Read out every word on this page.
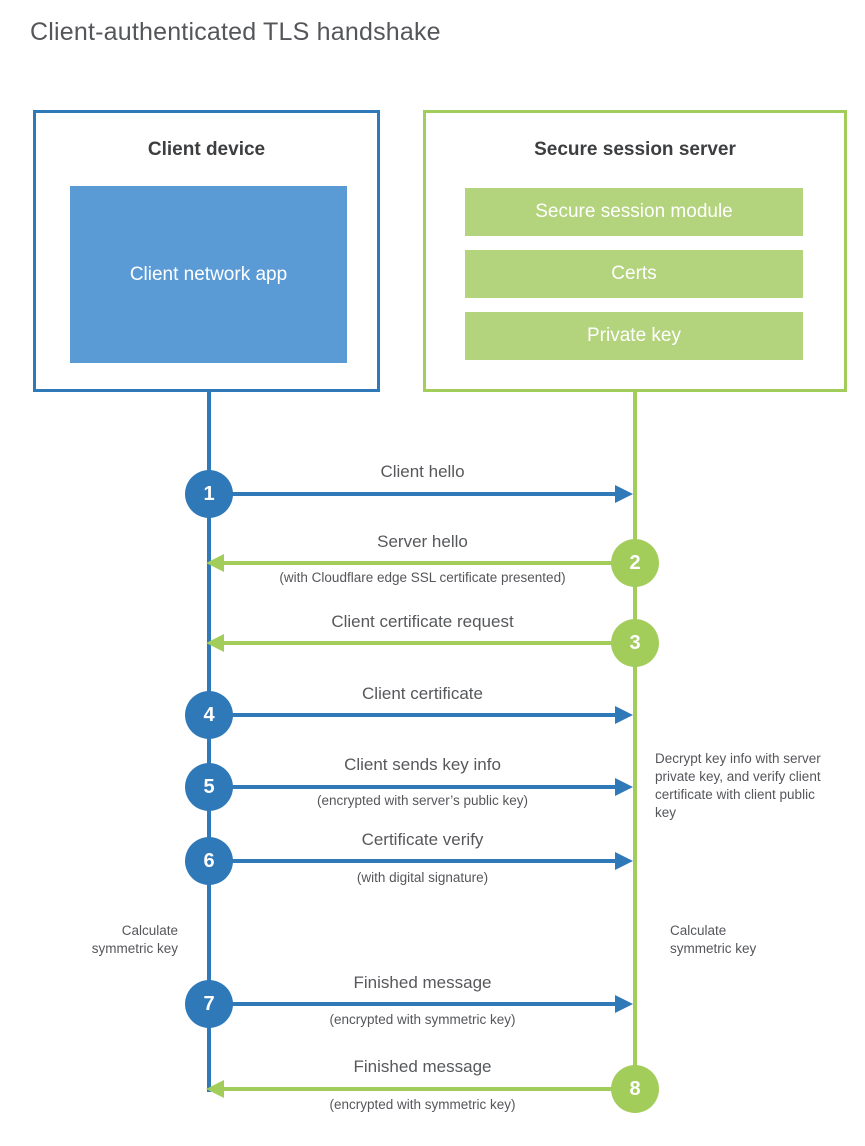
Client-authenticated TLS handshake
Client device
Client network app
Secure session server
Secure session module
Certs
Private key
1
Client hello
2
Server hello
(with Cloudflare edge SSL certificate presented)
3
Client certificate request
4
Client certificate
5
Client sends key info
(encrypted with server’s public key)
6
Certificate verify
(with digital signature)
Decrypt key info with server private key, and verify client certificate with client public key
Calculate symmetric key
Calculate symmetric key
7
Finished message
(encrypted with symmetric key)
8
Finished message
(encrypted with symmetric key)
